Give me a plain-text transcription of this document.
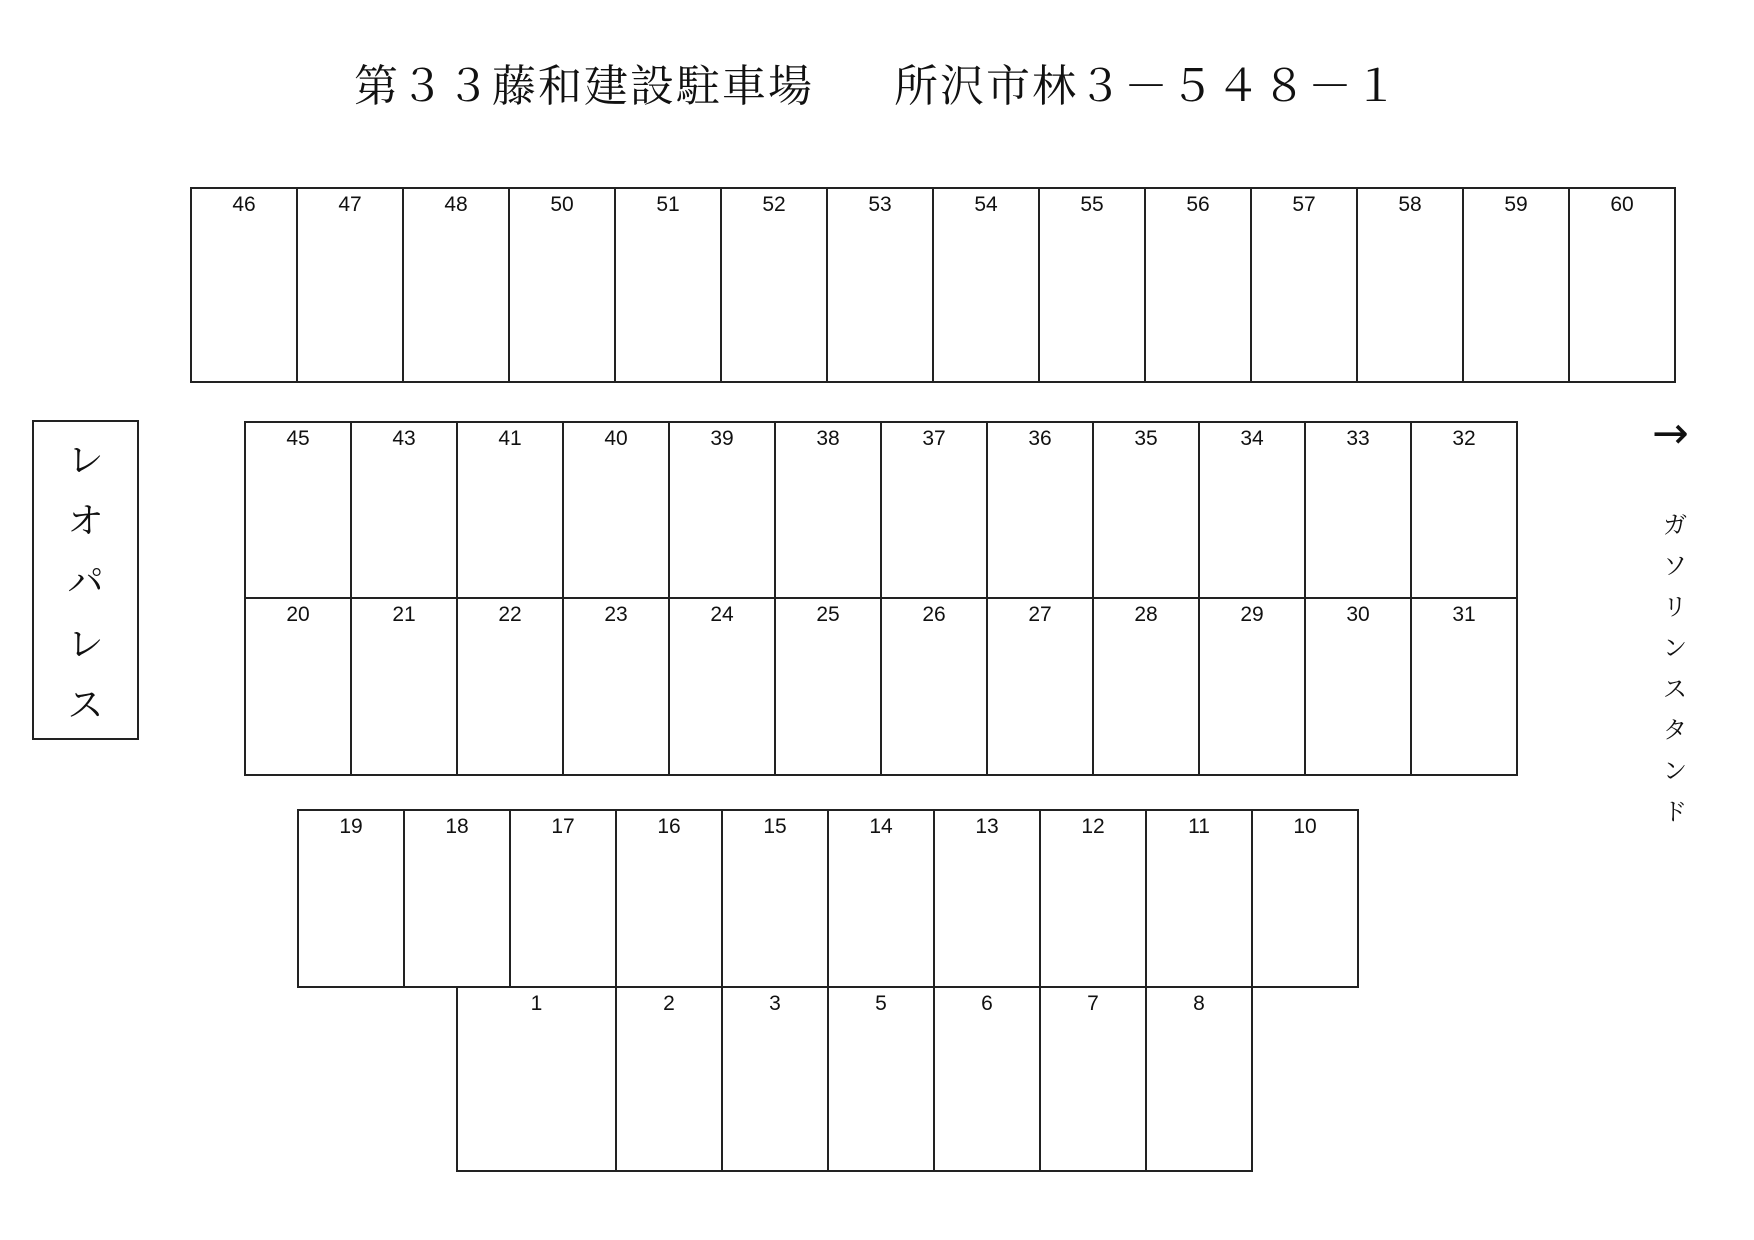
第３３藤和建設駐車場 所沢市林３－５４８－１
レ
オ
パ
レ
ス
→
ガ
ソ
リ
ン
ス
タ
ン
ド
46	47	48	50	51	52	53	54	55	56	57	58	59	60
45	43	41	40	39	38	37	36	35	34	33	32
20	21	22	23	24	25	26	27	28	29	30	31
19	18	17	16	15	14	13	12	11	10
1	2	3	5	6	7	8
